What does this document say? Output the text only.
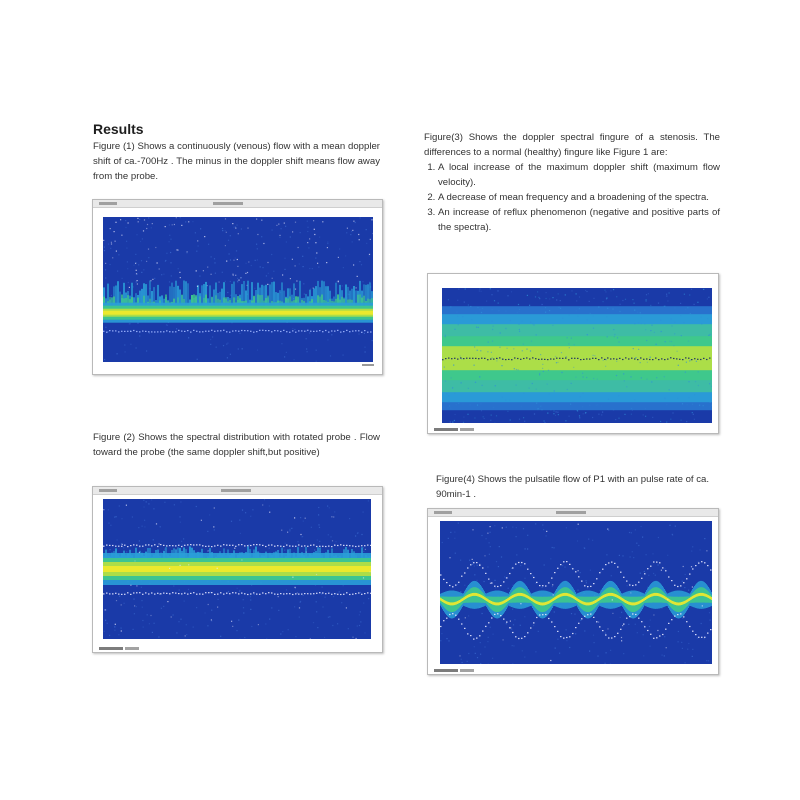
Results

Figure (1) Shows a continuously (venous) flow with a mean doppler shift of ca.-700Hz . The minus in the doppler shift means flow away from the probe.

Figure (2) Shows the spectral distribution with rotated probe . Flow toward the probe (the same doppler shift,but positive)

Figure(3) Shows the doppler spectral fingure of a stenosis. The differences to a normal (healthy) fingure like Figure 1 are:
1. A local increase of the maximum doppler shift (maximum flow velocity).
2. A decrease of mean frequency and a broadening of the spectra.
3. An increase of reflux phenomenon (negative and positive parts of the spectra).

Figure(4) Shows the pulsatile flow of P1 with an pulse rate of ca. 90min-1 .
